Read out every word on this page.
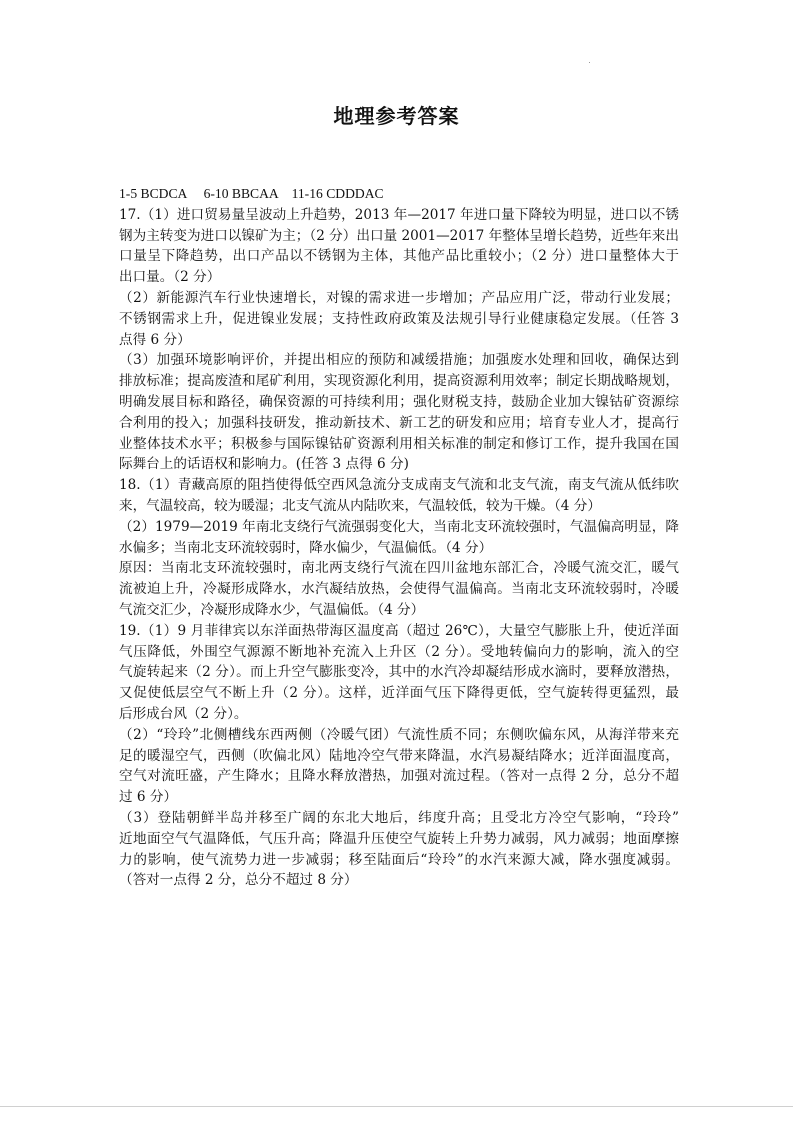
地理参考答案
1-5 BCDCA     6-10 BBCAA    11-16 CDDDAC
17.（1）进口贸易量呈波动上升趋势，2013 年—2017 年进口量下降较为明显，进口以不锈
钢为主转变为进口以镍矿为主；（2 分）出口量 2001—2017 年整体呈增长趋势，近些年来出
口量呈下降趋势，出口产品以不锈钢为主体，其他产品比重较小；（2 分）进口量整体大于
出口量。（2 分）
（2）新能源汽车行业快速增长，对镍的需求进一步增加；产品应用广泛，带动行业发展；
不锈钢需求上升，促进镍业发展；支持性政府政策及法规引导行业健康稳定发展。（任答 3
点得 6 分）
（3）加强环境影响评价，并提出相应的预防和减缓措施；加强废水处理和回收，确保达到
排放标准；提高废渣和尾矿利用，实现资源化利用，提高资源利用效率；制定长期战略规划，
明确发展目标和路径，确保资源的可持续利用；强化财税支持，鼓励企业加大镍钴矿资源综
合利用的投入；加强科技研发，推动新技术、新工艺的研发和应用；培育专业人才，提高行
业整体技术水平；积极参与国际镍钴矿资源利用相关标准的制定和修订工作，提升我国在国
际舞台上的话语权和影响力。(任答 3 点得 6 分)
18.（1）青藏高原的阻挡使得低空西风急流分支成南支气流和北支气流，南支气流从低纬吹
来，气温较高，较为暖湿；北支气流从内陆吹来，气温较低，较为干燥。（4 分）
（2）1979—2019 年南北支绕行气流强弱变化大，当南北支环流较强时，气温偏高明显，降
水偏多；当南北支环流较弱时，降水偏少，气温偏低。（4 分）
原因：当南北支环流较强时，南北两支绕行气流在四川盆地东部汇合，冷暖气流交汇，暖气
流被迫上升，冷凝形成降水，水汽凝结放热，会使得气温偏高。当南北支环流较弱时，冷暖
气流交汇少，冷凝形成降水少，气温偏低。（4 分）
19.（1）9 月菲律宾以东洋面热带海区温度高（超过 26℃），大量空气膨胀上升，使近洋面
气压降低，外围空气源源不断地补充流入上升区（2 分）。受地转偏向力的影响，流入的空
气旋转起来（2 分）。而上升空气膨胀变冷，其中的水汽冷却凝结形成水滴时，要释放潜热，
又促使低层空气不断上升（2 分）。这样，近洋面气压下降得更低，空气旋转得更猛烈，最
后形成台风（2 分）。
（2）“玲玲”北侧槽线东西两侧（冷暖气团）气流性质不同；东侧吹偏东风，从海洋带来充
足的暖湿空气，西侧（吹偏北风）陆地冷空气带来降温，水汽易凝结降水；近洋面温度高，
空气对流旺盛，产生降水；且降水释放潜热，加强对流过程。（答对一点得 2 分，总分不超
过 6 分）
（3）登陆朝鲜半岛并移至广阔的东北大地后，纬度升高；且受北方冷空气影响，“玲玲”
近地面空气气温降低，气压升高；降温升压使空气旋转上升势力减弱，风力减弱；地面摩擦
力的影响，使气流势力进一步减弱；移至陆面后“玲玲”的水汽来源大减，降水强度减弱。
（答对一点得 2 分，总分不超过 8 分）
